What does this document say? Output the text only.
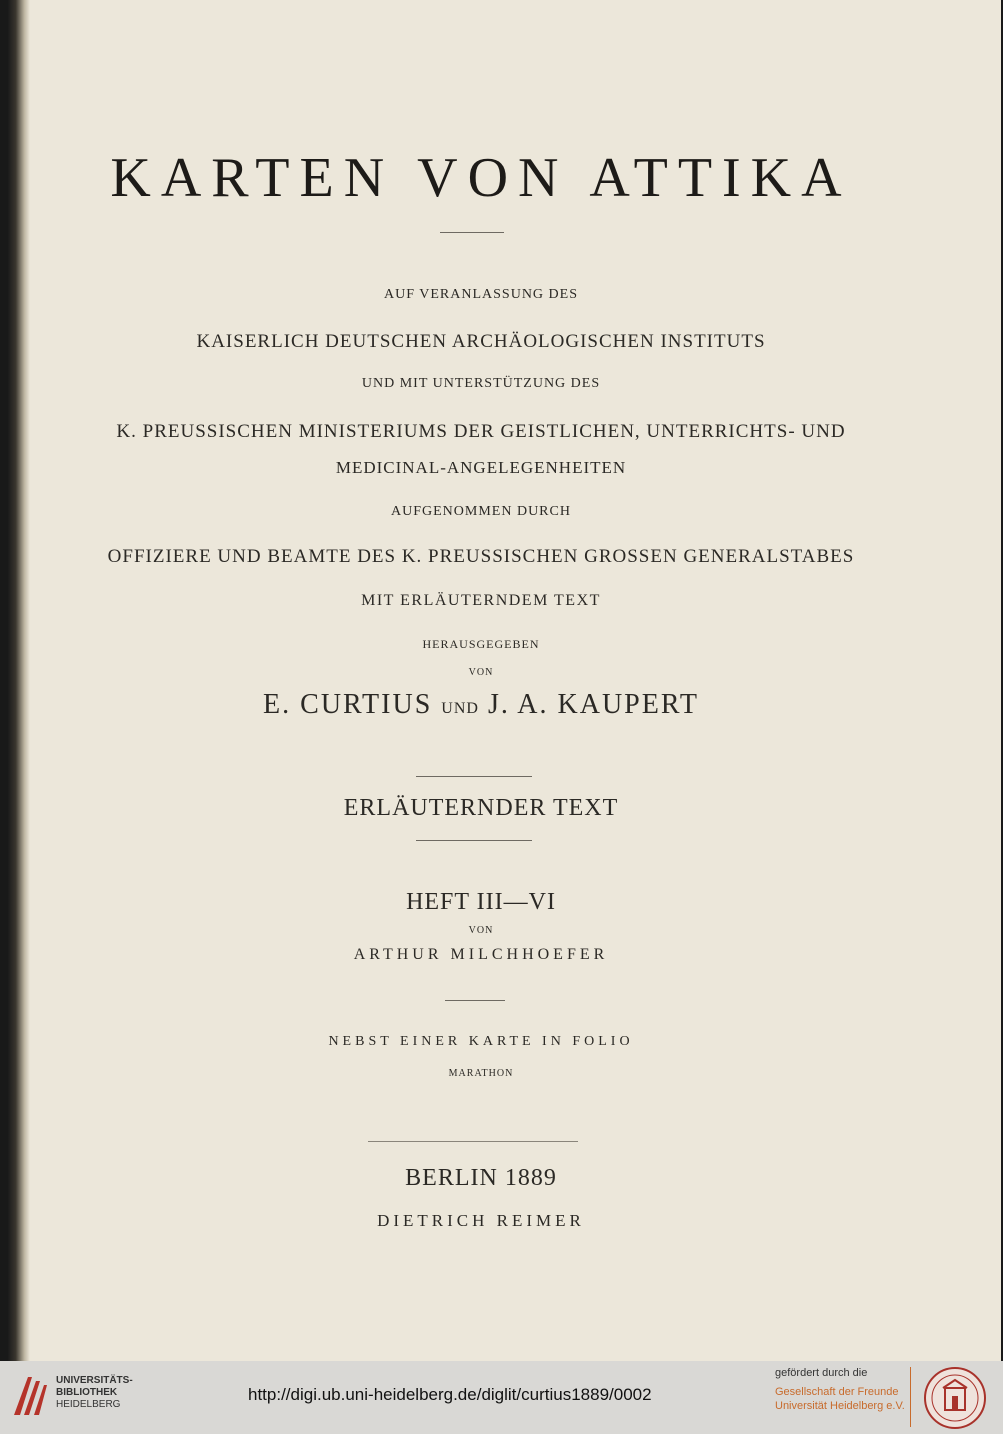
KARTEN VON ATTIKA
AUF VERANLASSUNG DES
KAISERLICH DEUTSCHEN ARCHÄOLOGISCHEN INSTITUTS
UND MIT UNTERSTÜTZUNG DES
K. PREUSSISCHEN MINISTERIUMS DER GEISTLICHEN, UNTERRICHTS- UND
MEDICINAL-ANGELEGENHEITEN
AUFGENOMMEN DURCH
OFFIZIERE UND BEAMTE DES K. PREUSSISCHEN GROSSEN GENERALSTABES
MIT ERLÄUTERNDEM TEXT
HERAUSGEGEBEN
VON
E. CURTIUS UND J. A. KAUPERT
ERLÄUTERNDER TEXT
HEFT III—VI
VON
ARTHUR MILCHHOEFER
NEBST EINER KARTE IN FOLIO
MARATHON
BERLIN 1889
DIETRICH REIMER
UNIVERSITÄTS-
BIBLIOTHEK
HEIDELBERG
http://digi.ub.uni-heidelberg.de/diglit/curtius1889/0002
gefördert durch die
Gesellschaft der Freunde
Universität Heidelberg e.V.
